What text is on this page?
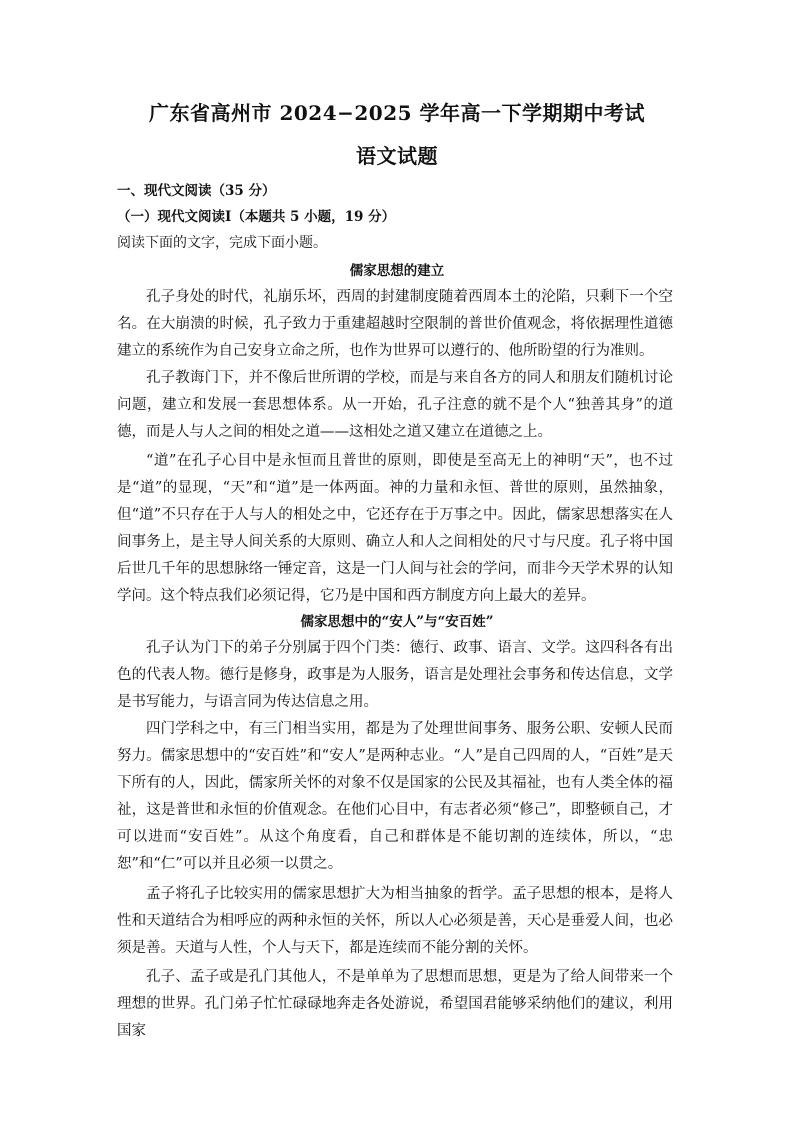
广东省高州市 2024−2025 学年高一下学期期中考试
语文试题
一、现代文阅读（35 分）
（一）现代文阅读Ⅰ（本题共 5 小题，19 分）
阅读下面的文字，完成下面小题。
儒家思想的建立
孔子身处的时代，礼崩乐坏，西周的封建制度随着西周本土的沦陷，只剩下一个空名。在大崩溃的时候，孔子致力于重建超越时空限制的普世价值观念，将依据理性道德建立的系统作为自己安身立命之所，也作为世界可以遵行的、他所盼望的行为准则。
孔子教诲门下，并不像后世所谓的学校，而是与来自各方的同人和朋友们随机讨论问题，建立和发展一套思想体系。从一开始，孔子注意的就不是个人“独善其身”的道德，而是人与人之间的相处之道——这相处之道又建立在道德之上。
“道”在孔子心目中是永恒而且普世的原则，即使是至高无上的神明“天”，也不过是“道”的显现，“天”和“道”是一体两面。神的力量和永恒、普世的原则，虽然抽象，但“道”不只存在于人与人的相处之中，它还存在于万事之中。因此，儒家思想落实在人间事务上，是主导人间关系的大原则、确立人和人之间相处的尺寸与尺度。孔子将中国后世几千年的思想脉络一锤定音，这是一门人间与社会的学问，而非今天学术界的认知学问。这个特点我们必须记得，它乃是中国和西方制度方向上最大的差异。
儒家思想中的“安人”与“安百姓”
孔子认为门下的弟子分别属于四个门类：德行、政事、语言、文学。这四科各有出色的代表人物。德行是修身，政事是为人服务，语言是处理社会事务和传达信息，文学是书写能力，与语言同为传达信息之用。
四门学科之中，有三门相当实用，都是为了处理世间事务、服务公职、安顿人民而努力。儒家思想中的“安百姓”和“安人”是两种志业。“人”是自己四周的人，“百姓”是天下所有的人，因此，儒家所关怀的对象不仅是国家的公民及其福祉，也有人类全体的福祉，这是普世和永恒的价值观念。在他们心目中，有志者必须“修己”，即整顿自己，才可以进而“安百姓”。从这个角度看，自己和群体是不能切割的连续体，所以，“忠恕”和“仁”可以并且必须一以贯之。
孟子将孔子比较实用的儒家思想扩大为相当抽象的哲学。孟子思想的根本，是将人性和天道结合为相呼应的两种永恒的关怀，所以人心必须是善，天心是垂爱人间，也必须是善。天道与人性，个人与天下，都是连续而不能分割的关怀。
孔子、孟子或是孔门其他人，不是单单为了思想而思想，更是为了给人间带来一个理想的世界。孔门弟子忙忙碌碌地奔走各处游说，希望国君能够采纳他们的建议，利用国家
